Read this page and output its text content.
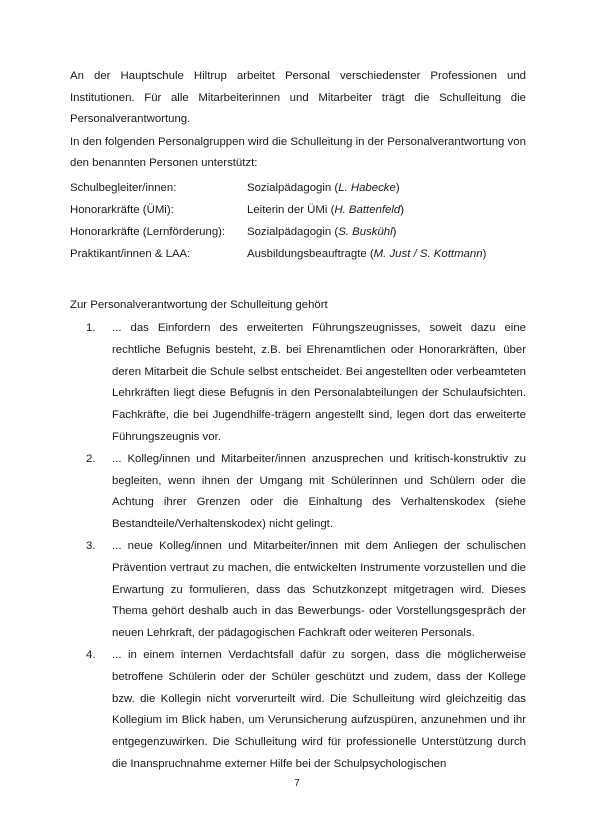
An der Hauptschule Hiltrup arbeitet Personal verschiedenster Professionen und Institutionen. Für alle Mitarbeiterinnen und Mitarbeiter trägt die Schulleitung die Personalverantwortung.

In den folgenden Personalgruppen wird die Schulleitung in der Personalverantwortung von den benannten Personen unterstützt:

Schulbegleiter/innen:	Sozialpädagogin (L. Habecke)
Honorarkräfte (ÜMi):	Leiterin der ÜMi (H. Battenfeld)
Honorarkräfte (Lernförderung):	Sozialpädagogin (S. Buskühl)
Praktikant/innen & LAA:	Ausbildungsbeauftragte (M. Just / S. Kottmann)

Zur Personalverantwortung der Schulleitung gehört

1.	... das Einfordern des erweiterten Führungszeugnisses, soweit dazu eine rechtliche Befugnis besteht, z.B. bei Ehrenamtlichen oder Honorarkräften, über deren Mitarbeit die Schule selbst entscheidet. Bei angestellten oder verbeamteten Lehrkräften liegt diese Befugnis in den Personalabteilungen der Schulaufsichten. Fachkräfte, die bei Jugendhilfe-trägern angestellt sind, legen dort das erweiterte Führungszeugnis vor.
2.	... Kolleg/innen und Mitarbeiter/innen anzusprechen und kritisch-konstruktiv zu begleiten, wenn ihnen der Umgang mit Schülerinnen und Schülern oder die Achtung ihrer Grenzen oder die Einhaltung des Verhaltenskodex (siehe Bestandteile/Verhaltenskodex) nicht gelingt.
3.	... neue Kolleg/innen und Mitarbeiter/innen mit dem Anliegen der schulischen Prävention vertraut zu machen, die entwickelten Instrumente vorzustellen und die Erwartung zu formulieren, dass das Schutzkonzept mitgetragen wird. Dieses Thema gehört deshalb auch in das Bewerbungs- oder Vorstellungsgespräch der neuen Lehrkraft, der pädagogischen Fachkraft oder weiteren Personals.
4.	... in einem internen Verdachtsfall dafür zu sorgen, dass die möglicherweise betroffene Schülerin oder der Schüler geschützt und zudem, dass der Kollege bzw. die Kollegin nicht vorverurteilt wird. Die Schulleitung wird gleichzeitig das Kollegium im Blick haben, um Verunsicherung aufzuspüren, anzunehmen und ihr entgegenzuwirken. Die Schulleitung wird für professionelle Unterstützung durch die Inanspruchnahme externer Hilfe bei der Schulpsychologischen
7
